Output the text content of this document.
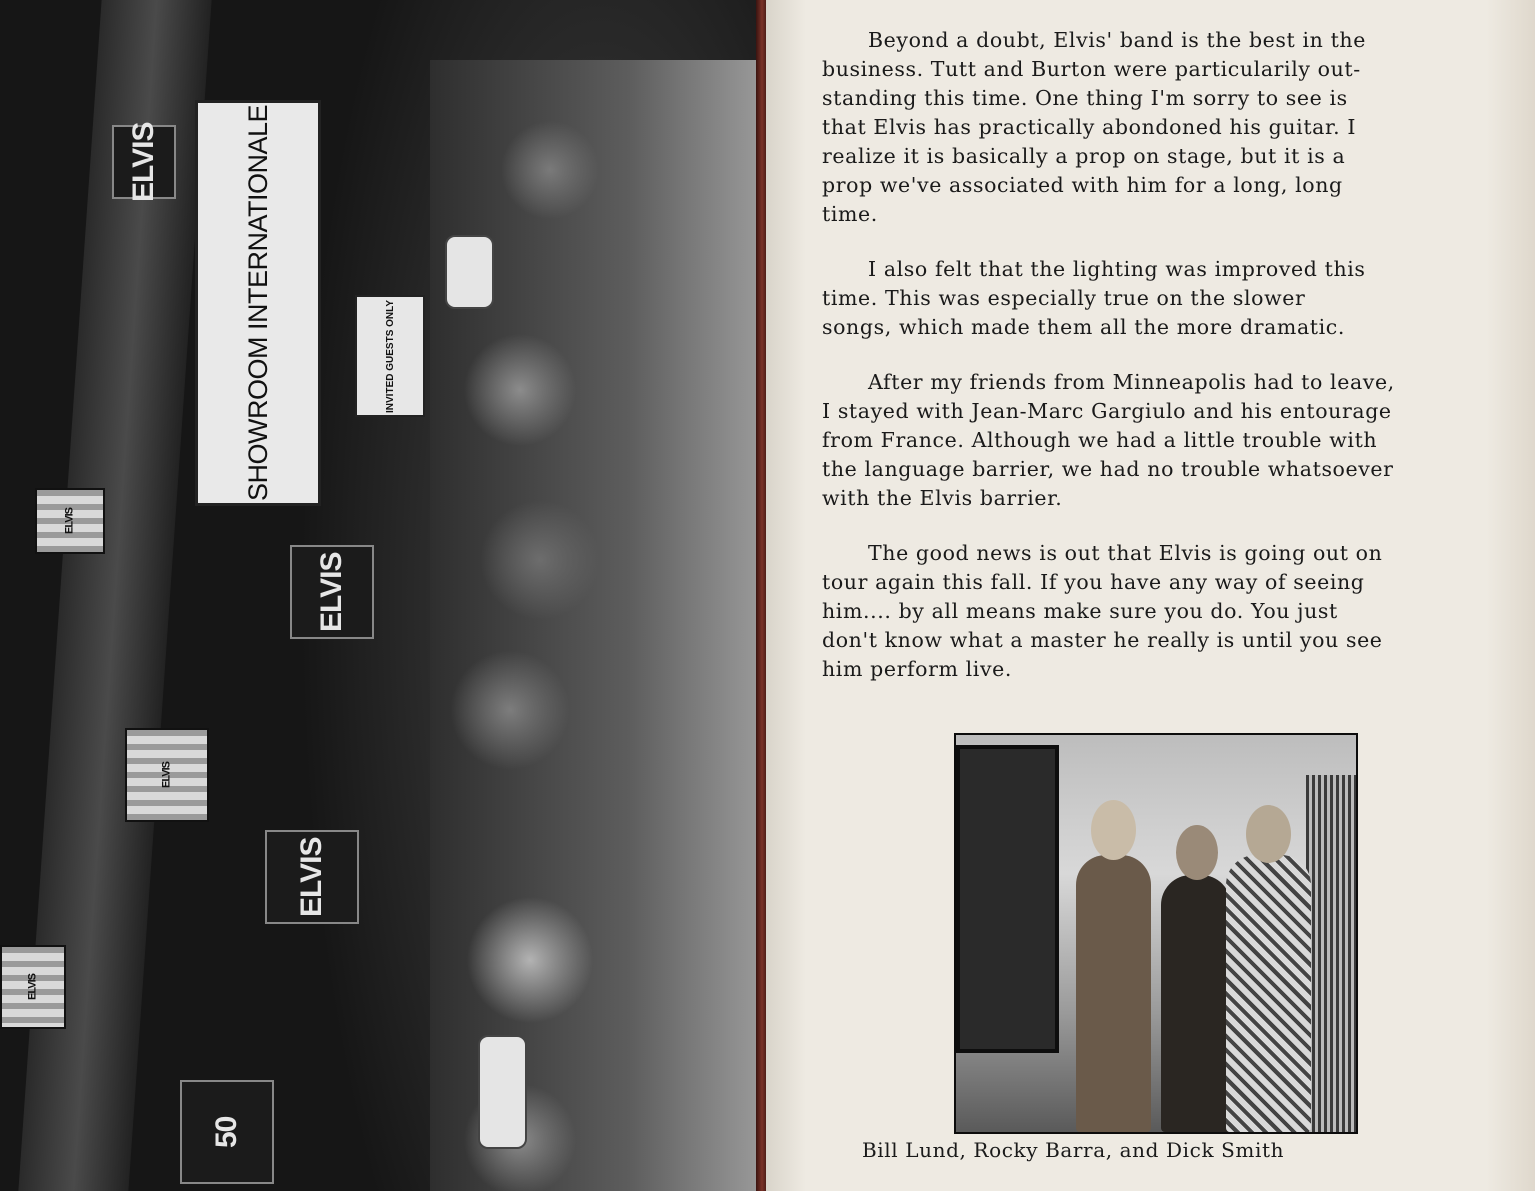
ELVIS
ELVIS
ELVIS
ELVIS
ELVIS
ELVIS
50
SHOWROOM INTERNATIONALE	INVITED GUESTS ONLY

Beyond a doubt, Elvis' band is the best in the
business. Tutt and Burton were particularily out-
standing this time. One thing I'm sorry to see is
that Elvis has practically abondoned his guitar. I
realize it is basically a prop on stage, but it is a
prop we've associated with him for a long, long
time.

I also felt that the lighting was improved this
time. This was especially true on the slower
songs, which made them all the more dramatic.

After my friends from Minneapolis had to leave,
I stayed with Jean-Marc Gargiulo and his entourage
from France. Although we had a little trouble with
the language barrier, we had no trouble whatsoever
with the Elvis barrier.

The good news is out that Elvis is going out on
tour again this fall. If you have any way of seeing
him.... by all means make sure you do. You just
don't know what a master he really is until you see
him perform live.

Bill Lund, Rocky Barra, and Dick Smith
